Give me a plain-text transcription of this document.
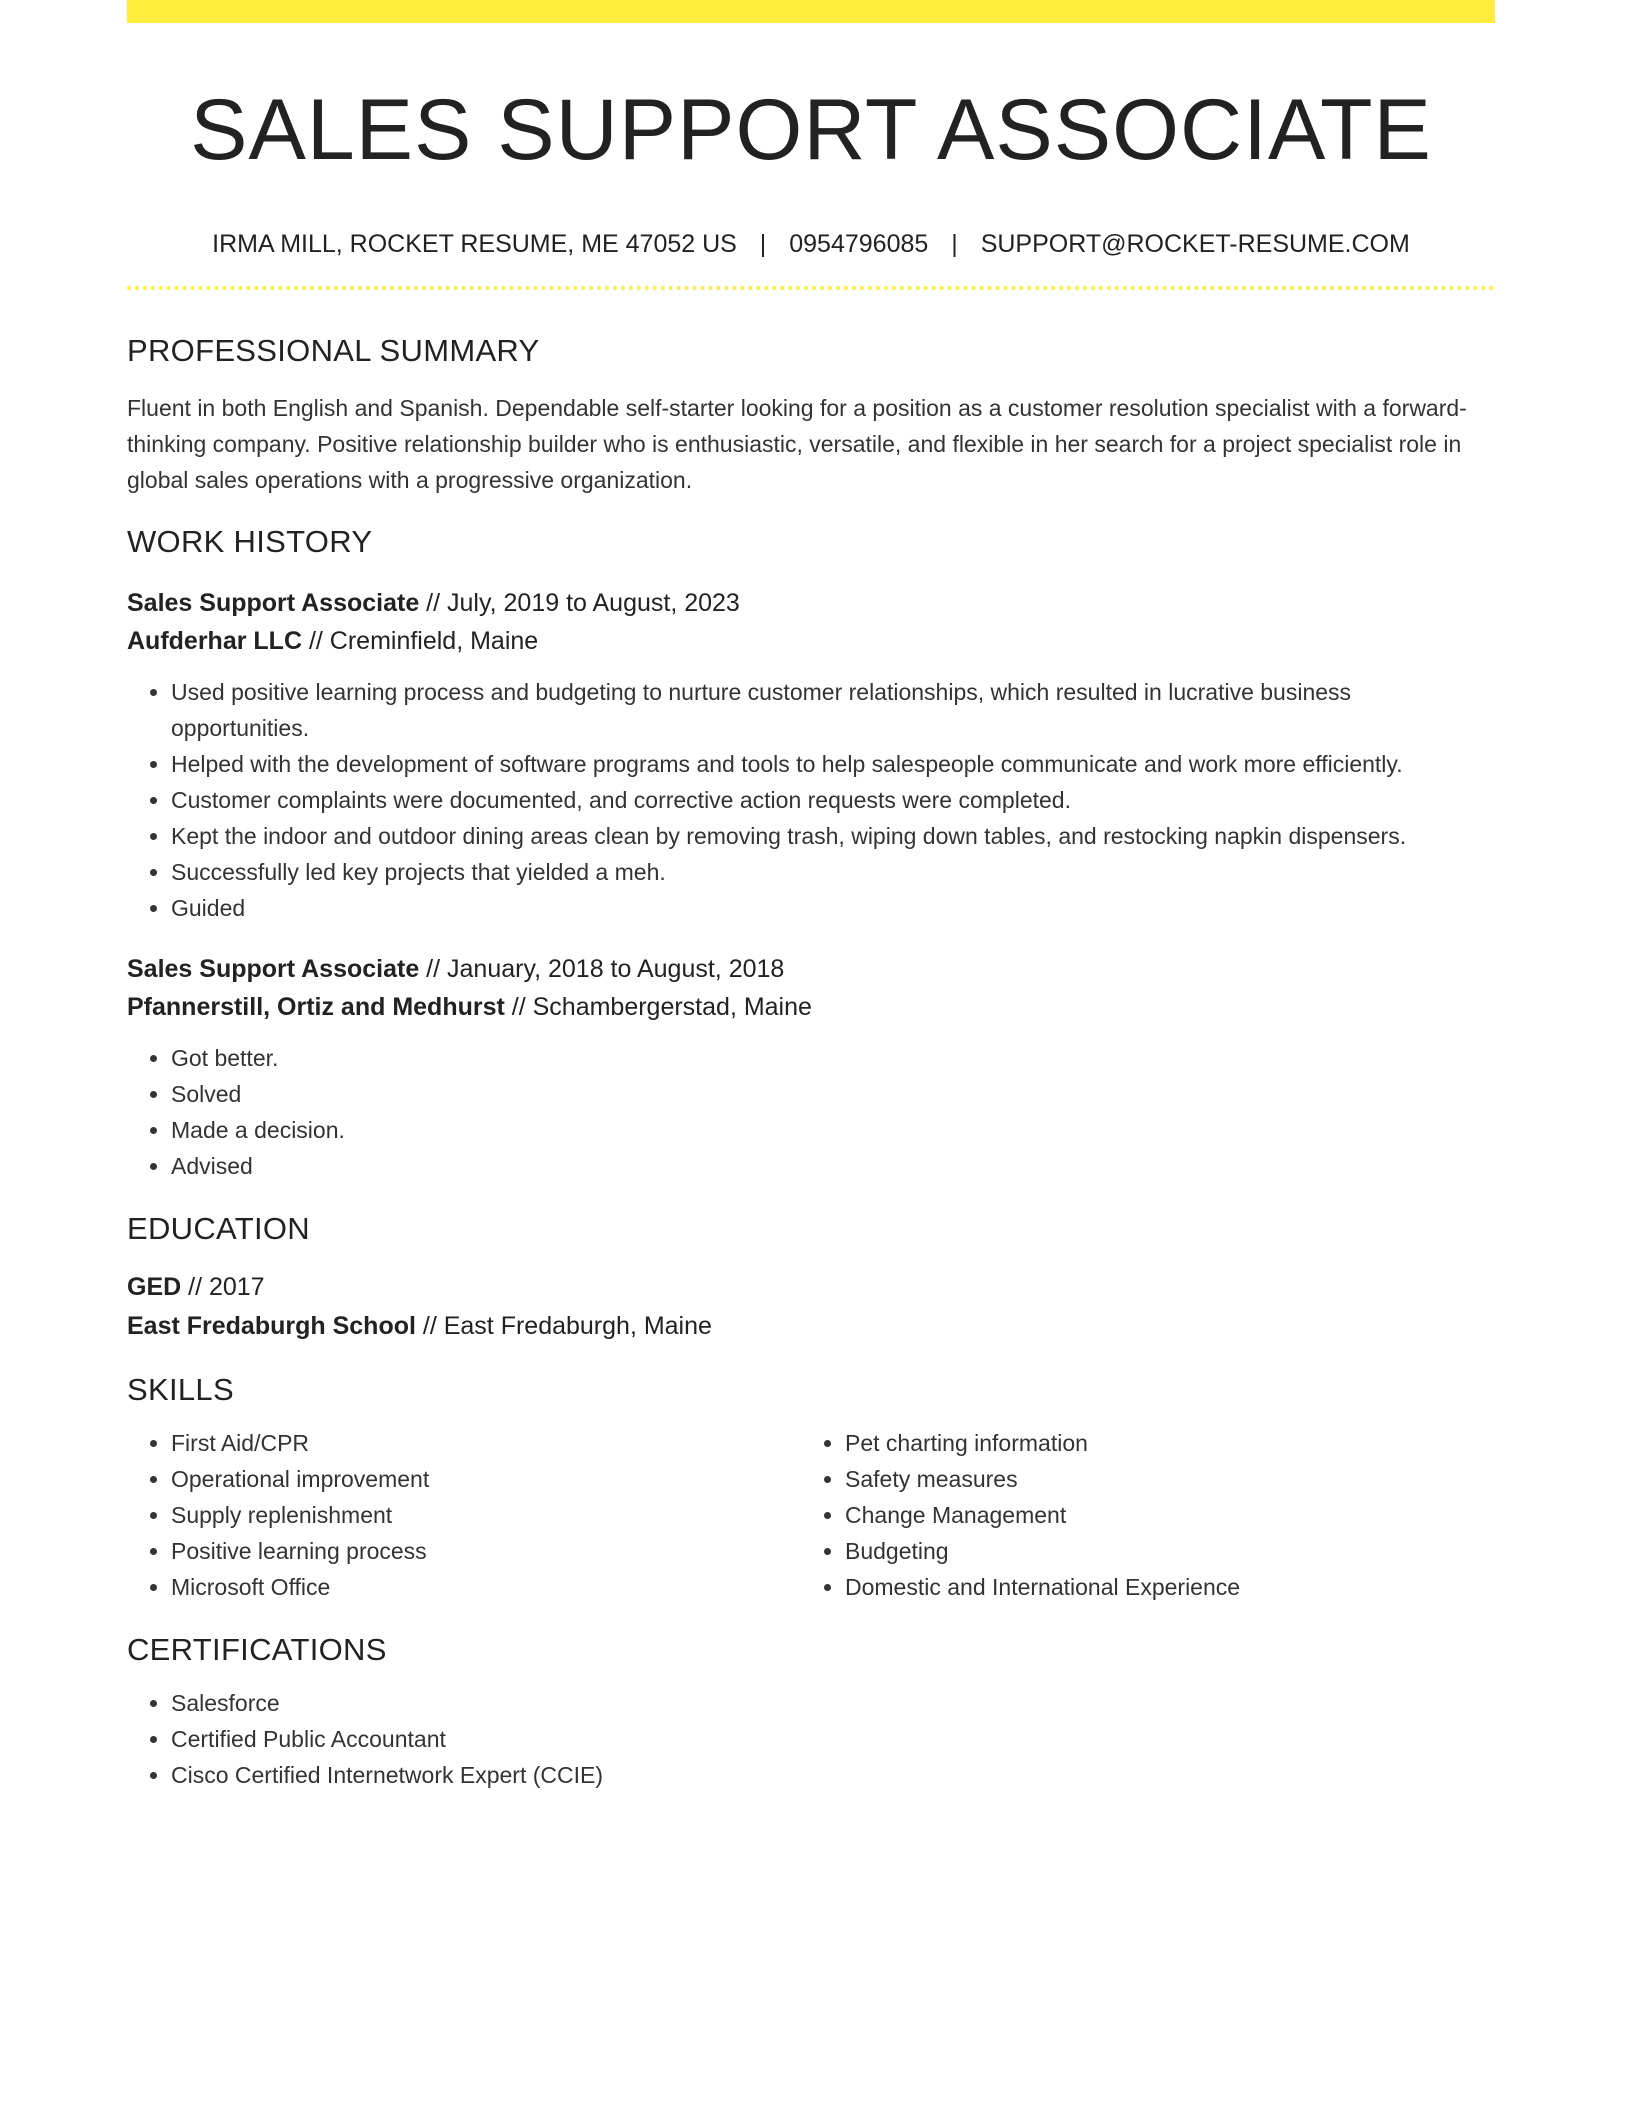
SALES SUPPORT ASSOCIATE
IRMA MILL, ROCKET RESUME, ME 47052 US | 0954796085 | SUPPORT@ROCKET-RESUME.COM
PROFESSIONAL SUMMARY
Fluent in both English and Spanish. Dependable self-starter looking for a position as a customer resolution specialist with a forward-thinking company. Positive relationship builder who is enthusiastic, versatile, and flexible in her search for a project specialist role in global sales operations with a progressive organization.
WORK HISTORY
Sales Support Associate // July, 2019 to August, 2023
Aufderhar LLC // Creminfield, Maine
• Used positive learning process and budgeting to nurture customer relationships, which resulted in lucrative business opportunities.
• Helped with the development of software programs and tools to help salespeople communicate and work more efficiently.
• Customer complaints were documented, and corrective action requests were completed.
• Kept the indoor and outdoor dining areas clean by removing trash, wiping down tables, and restocking napkin dispensers.
• Successfully led key projects that yielded a meh.
• Guided
Sales Support Associate // January, 2018 to August, 2018
Pfannerstill, Ortiz and Medhurst // Schambergerstad, Maine
• Got better.
• Solved
• Made a decision.
• Advised
EDUCATION
GED // 2017
East Fredaburgh School // East Fredaburgh, Maine
SKILLS
• First Aid/CPR
• Operational improvement
• Supply replenishment
• Positive learning process
• Microsoft Office
• Pet charting information
• Safety measures
• Change Management
• Budgeting
• Domestic and International Experience
CERTIFICATIONS
• Salesforce
• Certified Public Accountant
• Cisco Certified Internetwork Expert (CCIE)
